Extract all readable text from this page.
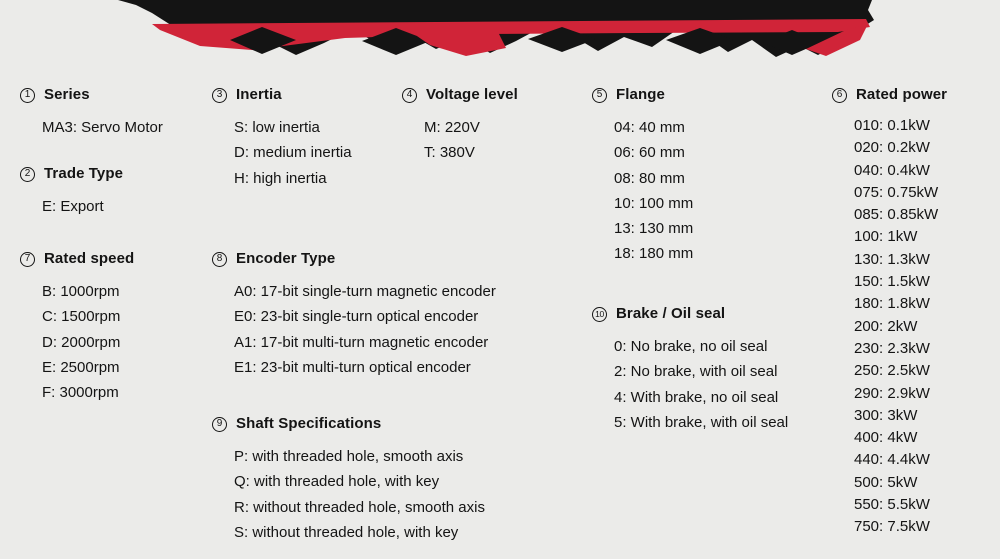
1 Series
MA3: Servo Motor
2 Trade Type
E: Export
3 Inertia
S: low inertia
D: medium inertia
H: high inertia
4 Voltage level
M: 220V
T: 380V
5 Flange
04: 40 mm
06: 60 mm
08: 80 mm
10: 100 mm
13: 130 mm
18: 180 mm
6 Rated power
010: 0.1kW
020: 0.2kW
040: 0.4kW
075: 0.75kW
085: 0.85kW
100: 1kW
130: 1.3kW
150: 1.5kW
180: 1.8kW
200: 2kW
230: 2.3kW
250: 2.5kW
290: 2.9kW
300: 3kW
400: 4kW
440: 4.4kW
500: 5kW
550: 5.5kW
750: 7.5kW
7 Rated speed
B: 1000rpm
C: 1500rpm
D: 2000rpm
E: 2500rpm
F: 3000rpm
8 Encoder Type
A0: 17-bit single-turn magnetic encoder
E0: 23-bit single-turn optical encoder
A1: 17-bit multi-turn magnetic encoder
E1: 23-bit multi-turn optical encoder
9 Shaft Specifications
P: with threaded hole, smooth axis
Q: with threaded hole, with key
R: without threaded hole, smooth axis
S: without threaded hole, with key
10 Brake / Oil seal
0: No brake, no oil seal
2: No brake, with oil seal
4: With brake, no oil seal
5: With brake, with oil seal
